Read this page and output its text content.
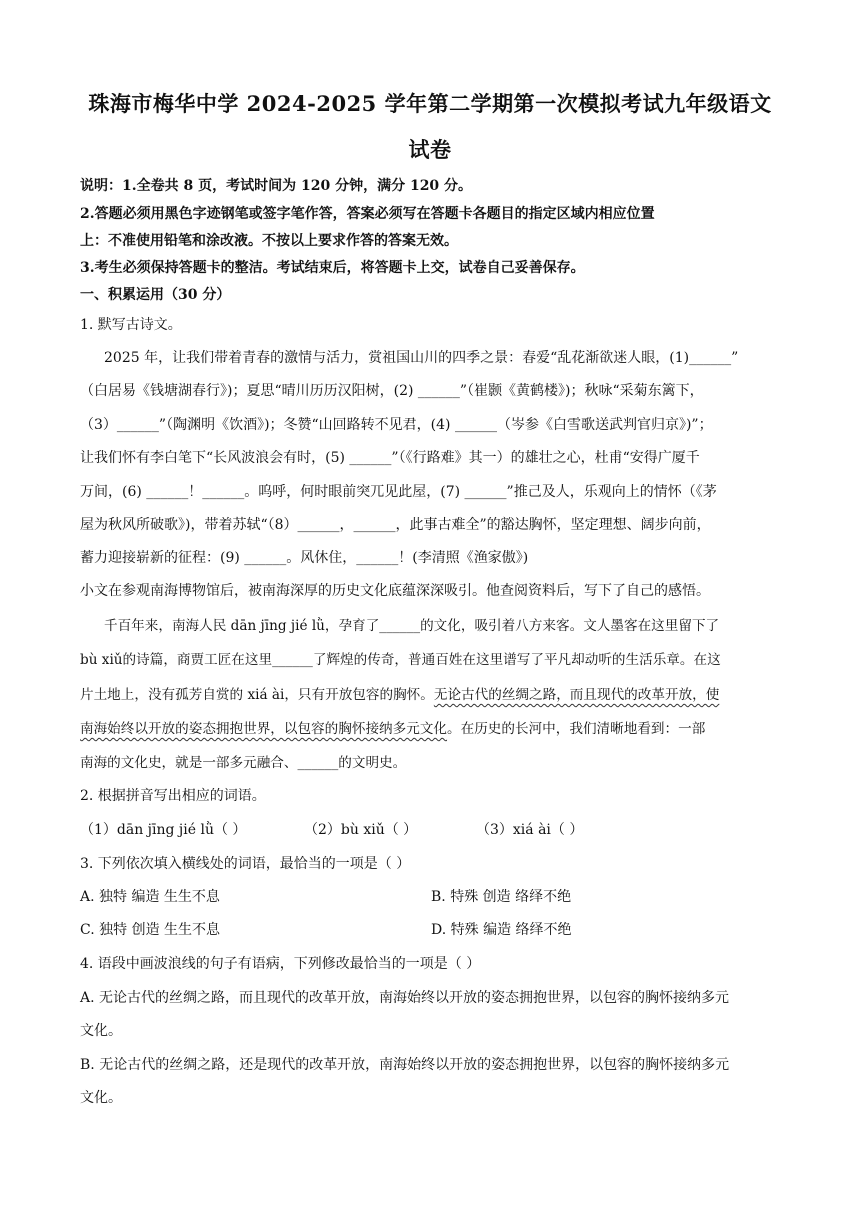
珠海市梅华中学 2024-2025 学年第二学期第一次模拟考试九年级语文
试卷
说明：1.全卷共 8 页，考试时间为 120 分钟，满分 120 分。
2.答题必须用黑色字迹钢笔或签字笔作答，答案必须写在答题卡各题目的指定区域内相应位置
上：不准使用铅笔和涂改液。不按以上要求作答的答案无效。
3.考生必须保持答题卡的整洁。考试结束后，将答题卡上交，试卷自己妥善保存。
一、积累运用（30 分）
1. 默写古诗文。
2025 年，让我们带着青春的激情与活力，赏祖国山川的四季之景：春爱“乱花渐欲迷人眼，(1)______”
（白居易《钱塘湖春行》)；夏思“晴川历历汉阳树，(2) ______”（崔颢《黄鹤楼》)；秋咏“采菊东篱下，
（3）______”（陶渊明《饮酒》)；冬赞“山回路转不见君，(4) ______（岑参《白雪歌送武判官归京》)”；
让我们怀有李白笔下“长风波浪会有时，(5) ______”（《行路难》其一）的雄壮之心，杜甫“安得广厦千
万间，(6) ______！______。呜呼，何时眼前突兀见此屋，(7) ______”推己及人，乐观向上的情怀（《茅
屋为秋风所破歌》)，带着苏轼“（8）______，______，此事古难全”的豁达胸怀，坚定理想、阔步向前，
蓄力迎接崭新的征程：(9) ______。风休住，______！(李清照《渔家傲》)
小文在参观南海博物馆后，被南海深厚的历史文化底蕴深深吸引。他查阅资料后，写下了自己的感悟。
千百年来，南海人民 dān jīng jié lǜ，孕育了______的文化，吸引着八方来客。文人墨客在这里留下了
bù xiǔ的诗篇，商贾工匠在这里______了辉煌的传奇，普通百姓在这里谱写了平凡却动听的生活乐章。在这
片土地上，没有孤芳自赏的 xiá ài，只有开放包容的胸怀。无论古代的丝绸之路，而且现代的改革开放，使
南海始终以开放的姿态拥抱世界，以包容的胸怀接纳多元文化。在历史的长河中，我们清晰地看到：一部
南海的文化史，就是一部多元融合、______的文明史。
2. 根据拼音写出相应的词语。
（1）dān jīng jié lǜ（ ）	（2）bù xiǔ（ ）	（3）xiá ài（ ）
3. 下列依次填入横线处的词语，最恰当的一项是（ ）
A. 独特 编造 生生不息	B. 特殊 创造 络绎不绝
C. 独特 创造 生生不息	D. 特殊 编造 络绎不绝
4. 语段中画波浪线的句子有语病，下列修改最恰当的一项是（ ）
A. 无论古代的丝绸之路，而且现代的改革开放，南海始终以开放的姿态拥抱世界，以包容的胸怀接纳多元
文化。
B. 无论古代的丝绸之路，还是现代的改革开放，南海始终以开放的姿态拥抱世界，以包容的胸怀接纳多元
文化。
